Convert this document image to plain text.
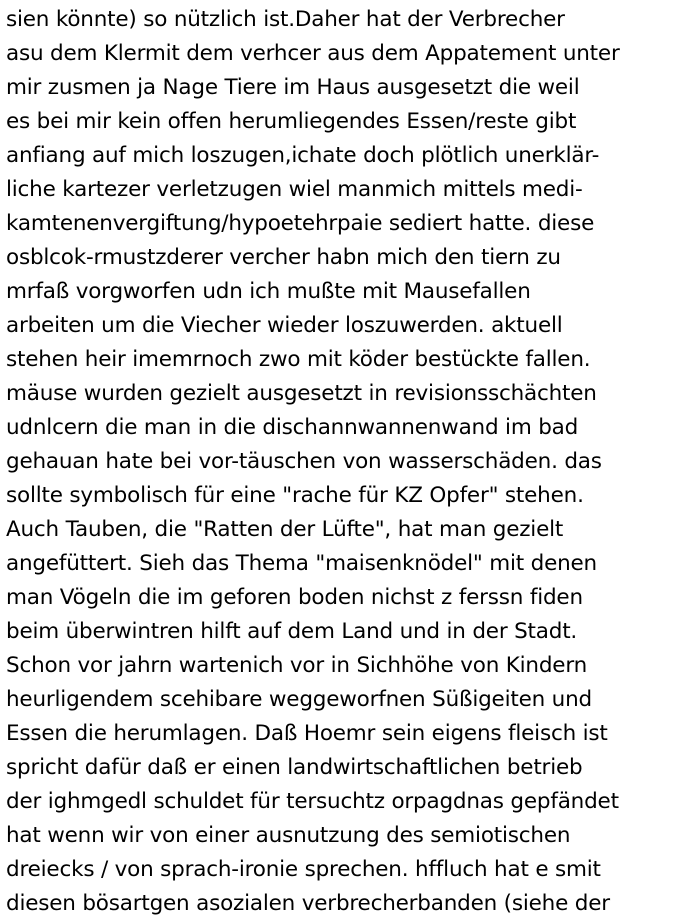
sien könnte) so nützlich ist.Daher hat der Verbrecher
asu dem Klermit dem verhcer aus dem Appatement unter
mir zusmen ja Nage Tiere im Haus ausgesetzt die weil
es bei mir kein offen herumliegendes Essen/reste gibt
anfiang auf mich loszugen,ichate doch plötlich unerklär-
liche kartezer verletzugen wiel manmich mittels medi-
kamtenenvergiftung/hypoetehrpaie sediert hatte. diese
osblcok-rmustzderer vercher habn mich den tiern zu
mrfaß vorgworfen udn ich mußte mit Mausefallen
arbeiten um die Viecher wieder loszuwerden. aktuell
stehen heir imemrnoch zwo mit köder bestückte fallen.
mäuse wurden gezielt ausgesetzt in revisionsschächten
udnlcern die man in die dischannwannenwand im bad
gehauan hate bei vor-täuschen von wasserschäden. das
sollte symbolisch für eine "rache für KZ Opfer" stehen.
Auch Tauben, die "Ratten der Lüfte", hat man gezielt
angefüttert. Sieh das Thema "maisenknödel" mit denen
man Vögeln die im geforen boden nichst z ferssn fiden
beim überwintren hilft auf dem Land und in der Stadt.
Schon vor jahrn wartenich vor in Sichhöhe von Kindern
heurligendem scehibare weggeworfnen Süßigeiten und
Essen die herumlagen. Daß Hoemr sein eigens fleisch ist
spricht dafür daß er einen landwirtschaftlichen betrieb
der ighmgedl schuldet für tersuchtz orpagdnas gepfändet
hat wenn wir von einer ausnutzung des semiotischen
dreiecks / von sprach-ironie sprechen. hffluch hat e smit
diesen bösartgen asozialen verbrecherbanden (siehe der
